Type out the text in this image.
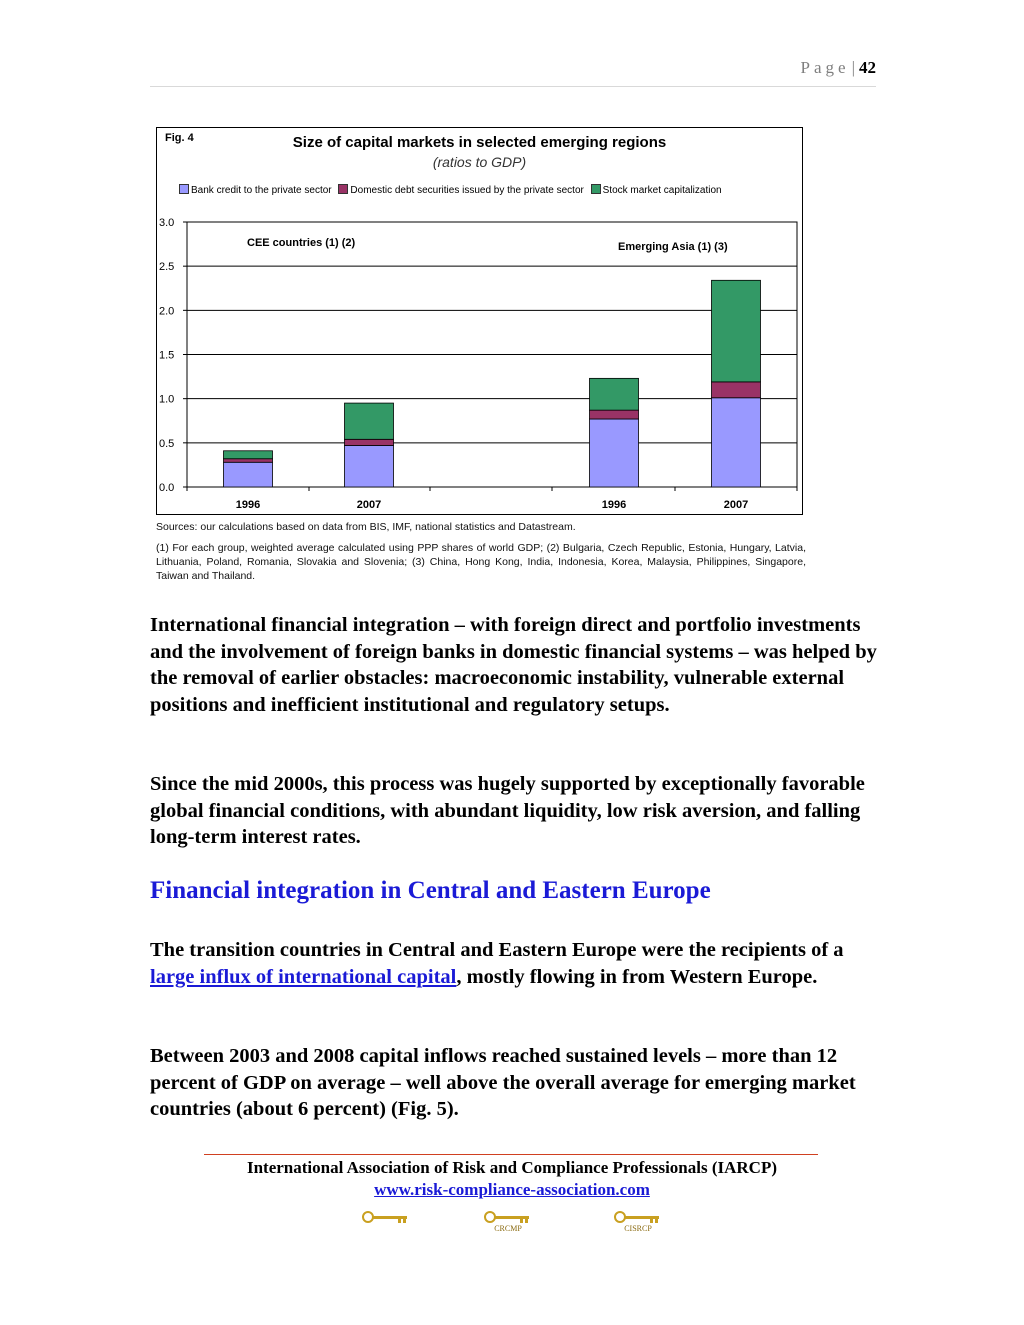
Page | 42
0.0
0.5
1.0
1.5
2.0
2.5
3.0
CEE countries (1) (2)	Emerging Asia (1) (3)
1996	2007	1996	2007
Fig. 4	Size of capital markets in selected emerging regions
(ratios to GDP)
Bank credit to the private sector Domestic debt securities issued by the private sector Stock market capitalization
Sources: our calculations based on data from BIS, IMF, national statistics and Datastream.
(1) For each group, weighted average calculated using PPP shares of world GDP; (2) Bulgaria, Czech Republic, Estonia, Hungary, Latvia, Lithuania, Poland, Romania, Slovakia and Slovenia; (3) China, Hong Kong, India, Indonesia, Korea, Malaysia, Philippines, Singapore, Taiwan and Thailand.

International financial integration – with foreign direct and portfolio investments and the involvement of foreign banks in domestic financial systems – was helped by the removal of earlier obstacles: macroeconomic instability, vulnerable external positions and inefficient institutional and regulatory setups.

Since the mid 2000s, this process was hugely supported by exceptionally favorable global financial conditions, with abundant liquidity, low risk aversion, and falling long-term interest rates.

Financial integration in Central and Eastern Europe

The transition countries in Central and Eastern Europe were the recipients of a large influx of international capital, mostly flowing in from Western Europe.

Between 2003 and 2008 capital inflows reached sustained levels – more than 12 percent of GDP on average – well above the overall average for emerging market countries (about 6 percent) (Fig. 5).

International Association of Risk and Compliance Professionals (IARCP)
www.risk-compliance-association.com
CRCMP	CISRCP
